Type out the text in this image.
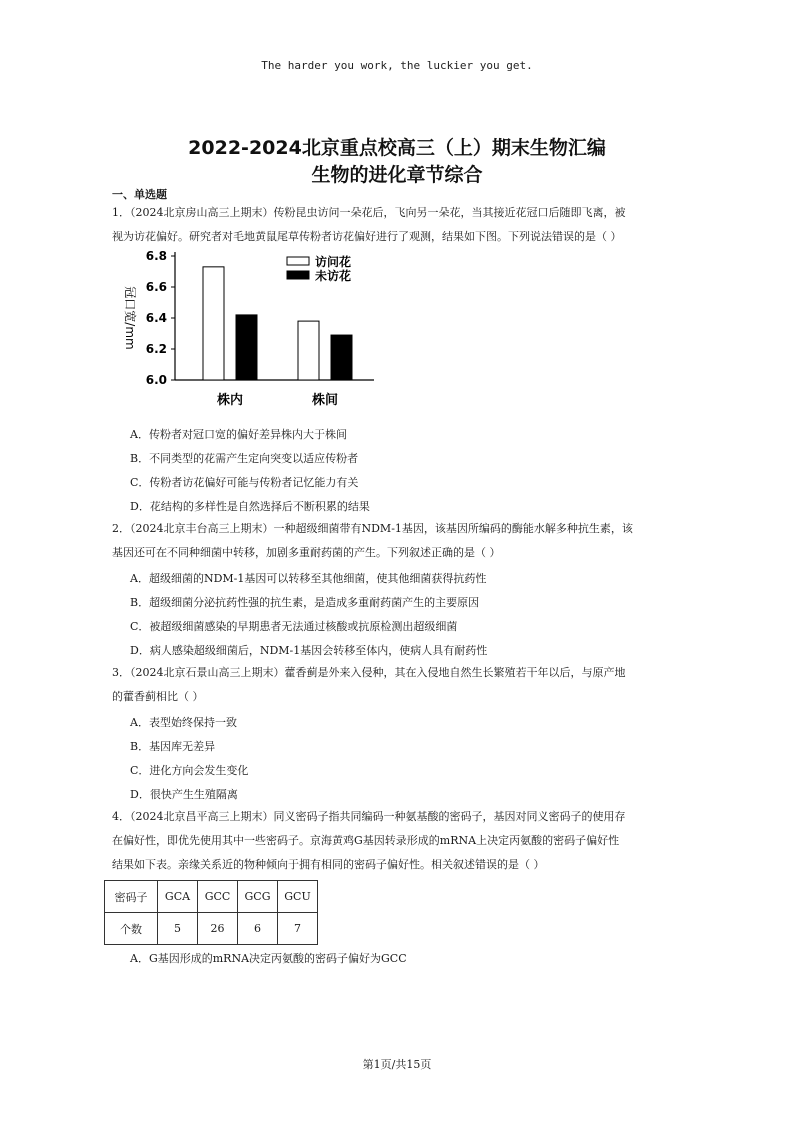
The harder you work, the luckier you get.
2022-2024北京重点校高三（上）期末生物汇编
生物的进化章节综合
一、单选题
1．（2024北京房山高三上期末）传粉昆虫访问一朵花后，飞向另一朵花，当其接近花冠口后随即飞离，被
视为访花偏好。研究者对毛地黄鼠尾草传粉者访花偏好进行了观测，结果如下图。下列说法错误的是（ ）
6.0
6.2
6.4
6.6
6.8
冠口宽/mm
株内	株间
访问花
未访花
A．传粉者对冠口宽的偏好差异株内大于株间
B．不同类型的花需产生定向突变以适应传粉者
C．传粉者访花偏好可能与传粉者记忆能力有关
D．花结构的多样性是自然选择后不断积累的结果
2．（2024北京丰台高三上期末）一种超级细菌带有NDM-1基因，该基因所编码的酶能水解多种抗生素，该
基因还可在不同种细菌中转移，加剧多重耐药菌的产生。下列叙述正确的是（ ）
A．超级细菌的NDM-1基因可以转移至其他细菌，使其他细菌获得抗药性
B．超级细菌分泌抗药性强的抗生素，是造成多重耐药菌产生的主要原因
C．被超级细菌感染的早期患者无法通过核酸或抗原检测出超级细菌
D．病人感染超级细菌后，NDM-1基因会转移至体内，使病人具有耐药性
3．（2024北京石景山高三上期末）藿香蓟是外来入侵种，其在入侵地自然生长繁殖若干年以后，与原产地
的藿香蓟相比（ ）
A．表型始终保持一致
B．基因库无差异
C．进化方向会发生变化
D．很快产生生殖隔离
4．（2024北京昌平高三上期末）同义密码子指共同编码一种氨基酸的密码子，基因对同义密码子的使用存
在偏好性，即优先使用其中一些密码子。京海黄鸡G基因转录形成的mRNA上决定丙氨酸的密码子偏好性
结果如下表。亲缘关系近的物种倾向于拥有相同的密码子偏好性。相关叙述错误的是（ ）
密码子	GCA	GCC	GCG	GCU
个数	5	26	6	7
A．G基因形成的mRNA决定丙氨酸的密码子偏好为GCC
第1页/共15页
